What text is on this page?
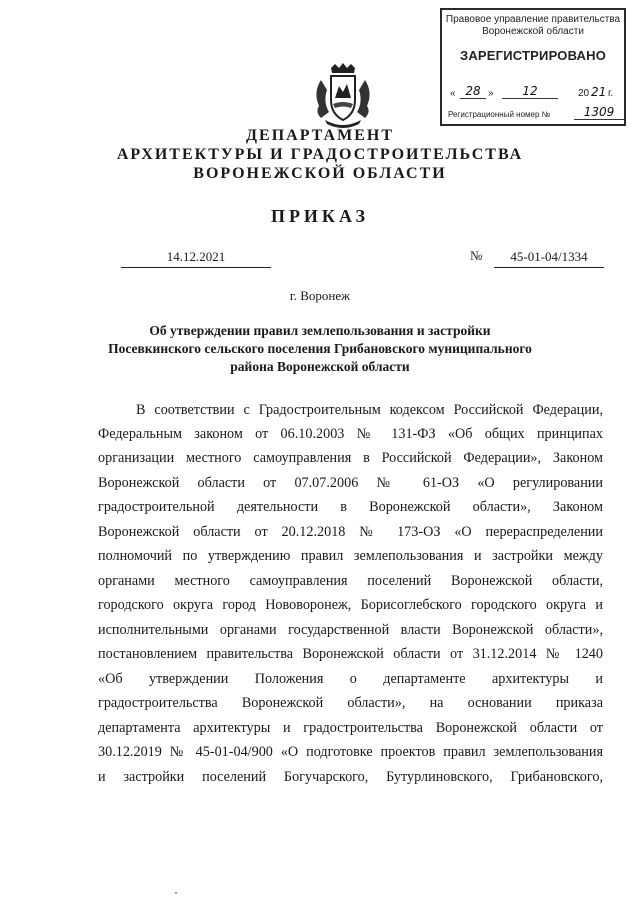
Правовое управление правительства
Воронежской области
ЗАРЕГИСТРИРОВАНО
« 28 »	12	20 21 г.
Регистрационный номер №	1309
ДЕПАРТАМЕНТ
АРХИТЕКТУРЫ И ГРАДОСТРОИТЕЛЬСТВА
ВОРОНЕЖСКОЙ ОБЛАСТИ
ПРИКАЗ
14.12.2021	№	45-01-04/1334
г. Воронеж
Об утверждении правил землепользования и застройки
Посевкинского сельского поселения Грибановского муниципального
района Воронежской области
В соответствии с Градостроительным кодексом Российской Федерации,
Федеральным законом от 06.10.2003 № 131-ФЗ «Об общих принципах
организации местного самоуправления в Российской Федерации», Законом
Воронежской области от 07.07.2006 № 61-ОЗ «О регулировании
градостроительной деятельности в Воронежской области», Законом
Воронежской области от 20.12.2018 № 173-ОЗ «О перераспределении
полномочий по утверждению правил землепользования и застройки между
органами местного самоуправления поселений Воронежской области,
городского округа город Нововоронеж, Борисоглебского городского округа и
исполнительными органами государственной власти Воронежской области»,
постановлением правительства Воронежской области от 31.12.2014 № 1240
«Об утверждении Положения о департаменте архитектуры и
градостроительства Воронежской области», на основании приказа
департамента архитектуры и градостроительства Воронежской области от
30.12.2019 № 45-01-04/900 «О подготовке проектов правил землепользования
и застройки поселений Богучарского, Бутурлиновского, Грибановского,
